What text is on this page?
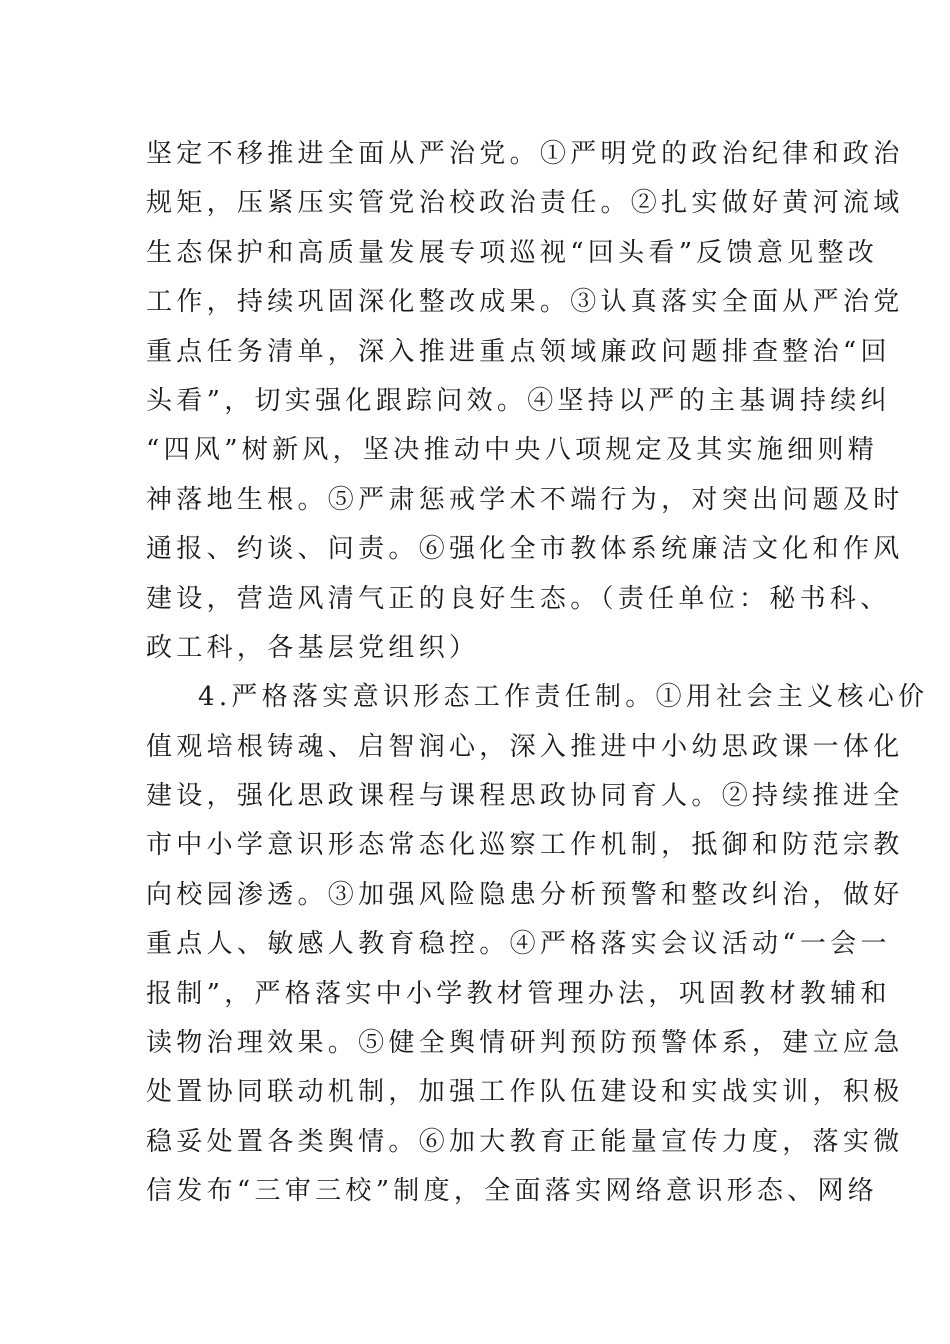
坚定不移推进全面从严治党。①严明党的政治纪律和政治
规矩，压紧压实管党治校政治责任。②扎实做好黄河流域
生态保护和高质量发展专项巡视“回头看”反馈意见整改
工作，持续巩固深化整改成果。③认真落实全面从严治党
重点任务清单，深入推进重点领域廉政问题排查整治“回
头看”，切实强化跟踪问效。④坚持以严的主基调持续纠
“四风”树新风，坚决推动中央八项规定及其实施细则精
神落地生根。⑤严肃惩戒学术不端行为，对突出问题及时
通报、约谈、问责。⑥强化全市教体系统廉洁文化和作风
建设，营造风清气正的良好生态。（责任单位：秘书科、
政工科，各基层党组织）
4.严格落实意识形态工作责任制。①用社会主义核心价
值观培根铸魂、启智润心，深入推进中小幼思政课一体化
建设，强化思政课程与课程思政协同育人。②持续推进全
市中小学意识形态常态化巡察工作机制，抵御和防范宗教
向校园渗透。③加强风险隐患分析预警和整改纠治，做好
重点人、敏感人教育稳控。④严格落实会议活动“一会一
报制”，严格落实中小学教材管理办法，巩固教材教辅和
读物治理效果。⑤健全舆情研判预防预警体系，建立应急
处置协同联动机制，加强工作队伍建设和实战实训，积极
稳妥处置各类舆情。⑥加大教育正能量宣传力度，落实微
信发布“三审三校”制度，全面落实网络意识形态、网络
